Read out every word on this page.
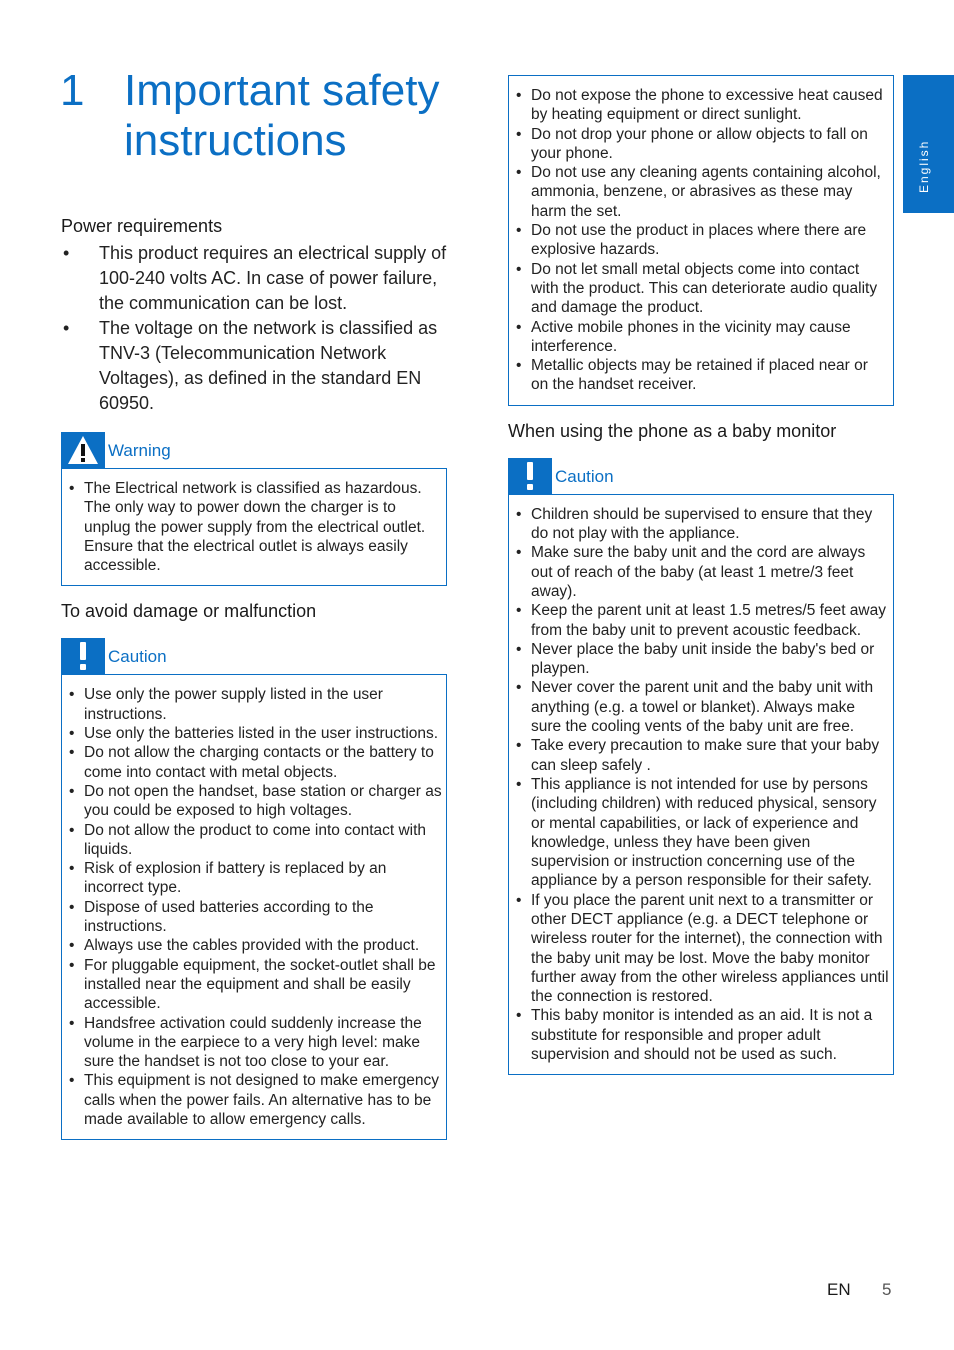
English
1 Important safety instructions
Power requirements
• This product requires an electrical supply of 100-240 volts AC. In case of power failure, the communication can be lost.
• The voltage on the network is classified as TNV-3 (Telecommunication Network Voltages), as defined in the standard EN 60950.
Warning
• The Electrical network is classified as hazardous. The only way to power down the charger is to unplug the power supply from the electrical outlet. Ensure that the electrical outlet is always easily accessible.
To avoid damage or malfunction
Caution
• Use only the power supply listed in the user instructions.
• Use only the batteries listed in the user instructions.
• Do not allow the charging contacts or the battery to come into contact with metal objects.
• Do not open the handset, base station or charger as you could be exposed to high voltages.
• Do not allow the product to come into contact with liquids.
• Risk of explosion if battery is replaced by an incorrect type.
• Dispose of used batteries according to the instructions.
• Always use the cables provided with the product.
• For pluggable equipment, the socket-outlet shall be installed near the equipment and shall be easily accessible.
• Handsfree activation could suddenly increase the volume in the earpiece to a very high level: make sure the handset is not too close to your ear.
• This equipment is not designed to make emergency calls when the power fails. An alternative has to be made available to allow emergency calls.
• Do not expose the phone to excessive heat caused by heating equipment or direct sunlight.
• Do not drop your phone or allow objects to fall on your phone.
• Do not use any cleaning agents containing alcohol, ammonia, benzene, or abrasives as these may harm the set.
• Do not use the product in places where there are explosive hazards.
• Do not let small metal objects come into contact with the product. This can deteriorate audio quality and damage the product.
• Active mobile phones in the vicinity may cause interference.
• Metallic objects may be retained if placed near or on the handset receiver.
When using the phone as a baby monitor
Caution
• Children should be supervised to ensure that they do not play with the appliance.
• Make sure the baby unit and the cord are always out of reach of the baby (at least 1 metre/3 feet away).
• Keep the parent unit at least 1.5 metres/5 feet away from the baby unit to prevent acoustic feedback.
• Never place the baby unit inside the baby's bed or playpen.
• Never cover the parent unit and the baby unit with anything (e.g. a towel or blanket). Always make sure the cooling vents of the baby unit are free.
• Take every precaution to make sure that your baby can sleep safely .
• This appliance is not intended for use by persons (including children) with reduced physical, sensory or mental capabilities, or lack of experience and knowledge, unless they have been given supervision or instruction concerning use of the appliance by a person responsible for their safety.
• If you place the parent unit next to a transmitter or other DECT appliance (e.g. a DECT telephone or wireless router for the internet), the connection with the baby unit may be lost. Move the baby monitor further away from the other wireless appliances until the connection is restored.
• This baby monitor is intended as an aid. It is not a substitute for responsible and proper adult supervision and should not be used as such.
EN 5
